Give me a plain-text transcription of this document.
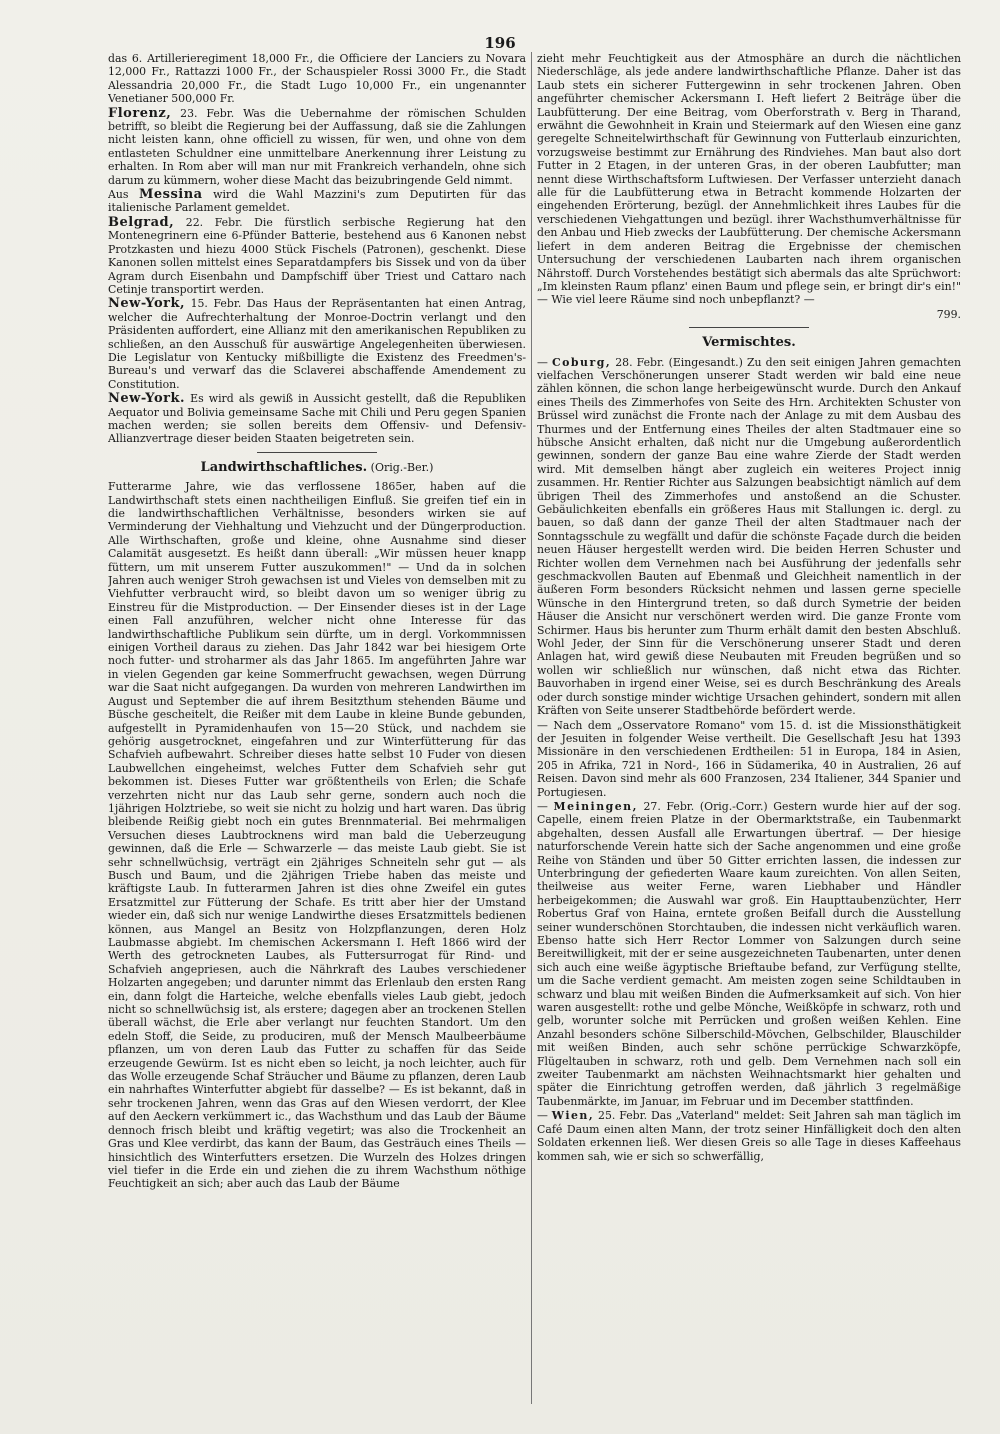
196

das 6. Artillerieregiment 18,000 Fr., die Officiere der Lanciers zu Novara 12,000 Fr., Rattazzi 1000 Fr., der Schauspieler Rossi 3000 Fr., die Stadt Alessandria 20,000 Fr., die Stadt Lugo 10,000 Fr., ein ungenannter Venetianer 500,000 Fr.

Florenz, 23. Febr. Was die Uebernahme der römischen Schulden betrifft, so bleibt die Regierung bei der Auffassung, daß sie die Zahlungen nicht leisten kann, ohne officiell zu wissen, für wen, und ohne von dem entlasteten Schuldner eine unmittelbare Anerkennung ihrer Leistung zu erhalten. In Rom aber will man nur mit Frankreich verhandeln, ohne sich darum zu kümmern, woher diese Macht das beizubringende Geld nimmt.

Aus Messina wird die Wahl Mazzini's zum Deputirten für das italienische Parlament gemeldet.

Belgrad, 22. Febr. Die fürstlich serbische Regierung hat den Montenegrinern eine 6-Pfünder Batterie, bestehend aus 6 Kanonen nebst Protzkasten und hiezu 4000 Stück Fischels (Patronen), geschenkt. Diese Kanonen sollen mittelst eines Separatdampfers bis Sissek und von da über Agram durch Eisenbahn und Dampfschiff über Triest und Cattaro nach Cetinje transportirt werden.

New-York, 15. Febr. Das Haus der Repräsentanten hat einen Antrag, welcher die Aufrechterhaltung der Monroe-Doctrin verlangt und den Präsidenten auffordert, eine Allianz mit den amerikanischen Republiken zu schließen, an den Ausschuß für auswärtige Angelegenheiten überwiesen. Die Legislatur von Kentucky mißbilligte die Existenz des Freedmen's-Bureau's und verwarf das die Sclaverei abschaffende Amendement zu Constitution.

New-York. Es wird als gewiß in Aussicht gestellt, daß die Republiken Aequator und Bolivia gemeinsame Sache mit Chili und Peru gegen Spanien machen werden; sie sollen bereits dem Offensiv- und Defensiv-Allianzvertrage dieser beiden Staaten beigetreten sein.

Landwirthschaftliches. (Orig.-Ber.)

Futterarme Jahre, wie das verflossene 1865er, haben auf die Landwirthschaft stets einen nachtheiligen Einfluß. Sie greifen tief ein in die landwirthschaftlichen Verhältnisse, besonders wirken sie auf Verminderung der Viehhaltung und Viehzucht und der Düngerproduction. Alle Wirthschaften, große und kleine, ohne Ausnahme sind dieser Calamität ausgesetzt. Es heißt dann überall: „Wir müssen heuer knapp füttern, um mit unserem Futter auszukommen!" — Und da in solchen Jahren auch weniger Stroh gewachsen ist und Vieles von demselben mit zu Viehfutter verbraucht wird, so bleibt davon um so weniger übrig zu Einstreu für die Mistproduction. — Der Einsender dieses ist in der Lage einen Fall anzuführen, welcher nicht ohne Interesse für das landwirthschaftliche Publikum sein dürfte, um in dergl. Vorkommnissen einigen Vortheil daraus zu ziehen. Das Jahr 1842 war bei hiesigem Orte noch futter- und stroharmer als das Jahr 1865. Im angeführten Jahre war in vielen Gegenden gar keine Sommerfrucht gewachsen, wegen Dürrung war die Saat nicht aufgegangen. Da wurden von mehreren Landwirthen im August und September die auf ihrem Besitzthum stehenden Bäume und Büsche gescheitelt, die Reißer mit dem Laube in kleine Bunde gebunden, aufgestellt in Pyramidenhaufen von 15—20 Stück, und nachdem sie gehörig ausgetrocknet, eingefahren und zur Winterfütterung für das Schafvieh aufbewahrt. Schreiber dieses hatte selbst 10 Fuder von diesen Laubwellchen eingeheimst, welches Futter dem Schafvieh sehr gut bekommen ist. Dieses Futter war größtentheils von Erlen; die Schafe verzehrten nicht nur das Laub sehr gerne, sondern auch noch die 1jährigen Holztriebe, so weit sie nicht zu holzig und hart waren. Das übrig bleibende Reißig giebt noch ein gutes Brennmaterial. Bei mehrmaligen Versuchen dieses Laubtrocknens wird man bald die Ueberzeugung gewinnen, daß die Erle — Schwarzerle — das meiste Laub giebt. Sie ist sehr schnellwüchsig, verträgt ein 2jähriges Schneiteln sehr gut — als Busch und Baum, und die 2jährigen Triebe haben das meiste und kräftigste Laub. In futterarmen Jahren ist dies ohne Zweifel ein gutes Ersatzmittel zur Fütterung der Schafe. Es tritt aber hier der Umstand wieder ein, daß sich nur wenige Landwirthe dieses Ersatzmittels bedienen können, aus Mangel an Besitz von Holzpflanzungen, deren Holz Laubmasse abgiebt. Im chemischen Ackersmann I. Heft 1866 wird der Werth des getrockneten Laubes, als Futtersurrogat für Rind- und Schafvieh angepriesen, auch die Nährkraft des Laubes verschiedener Holzarten angegeben; und darunter nimmt das Erlenlaub den ersten Rang ein, dann folgt die Harteiche, welche ebenfalls vieles Laub giebt, jedoch nicht so schnellwüchsig ist, als erstere; dagegen aber an trockenen Stellen überall wächst, die Erle aber verlangt nur feuchten Standort. Um den edeln Stoff, die Seide, zu produciren, muß der Mensch Maulbeerbäume pflanzen, um von deren Laub das Futter zu schaffen für das Seide erzeugende Gewürm. Ist es nicht eben so leicht, ja noch leichter, auch für das Wolle erzeugende Schaf Sträucher und Bäume zu pflanzen, deren Laub ein nahrhaftes Winterfutter abgiebt für dasselbe? — Es ist bekannt, daß in sehr trockenen Jahren, wenn das Gras auf den Wiesen verdorrt, der Klee auf den Aeckern verkümmert ic., das Wachsthum und das Laub der Bäume dennoch frisch bleibt und kräftig vegetirt; was also die Trockenheit an Gras und Klee verdirbt, das kann der Baum, das Gesträuch eines Theils — hinsichtlich des Winterfutters ersetzen. Die Wurzeln des Holzes dringen viel tiefer in die Erde ein und ziehen die zu ihrem Wachsthum nöthige Feuchtigkeit an sich; aber auch das Laub der Bäume

zieht mehr Feuchtigkeit aus der Atmosphäre an durch die nächtlichen Niederschläge, als jede andere landwirthschaftliche Pflanze. Daher ist das Laub stets ein sicherer Futtergewinn in sehr trockenen Jahren. Oben angeführter chemischer Ackersmann I. Heft liefert 2 Beiträge über die Laubfütterung. Der eine Beitrag, vom Oberforstrath v. Berg in Tharand, erwähnt die Gewohnheit in Krain und Steiermark auf den Wiesen eine ganz geregelte Schneitelwirthschaft für Gewinnung von Futterlaub einzurichten, vorzugsweise bestimmt zur Ernährung des Rindviehes. Man baut also dort Futter in 2 Etagen, in der unteren Gras, in der oberen Laubfutter; man nennt diese Wirthschaftsform Luftwiesen. Der Verfasser unterzieht danach alle für die Laubfütterung etwa in Betracht kommende Holzarten der eingehenden Erörterung, bezügl. der Annehmlichkeit ihres Laubes für die verschiedenen Viehgattungen und bezügl. ihrer Wachsthumverhältnisse für den Anbau und Hieb zwecks der Laubfütterung. Der chemische Ackersmann liefert in dem anderen Beitrag die Ergebnisse der chemischen Untersuchung der verschiedenen Laubarten nach ihrem organischen Nährstoff. Durch Vorstehendes bestätigt sich abermals das alte Sprüchwort: „Im kleinsten Raum pflanz' einen Baum und pflege sein, er bringt dir's ein!" — Wie viel leere Räume sind noch unbepflanzt? —

799.

Vermischtes.

— Coburg, 28. Febr. (Eingesandt.) Zu den seit einigen Jahren gemachten vielfachen Verschönerungen unserer Stadt werden wir bald eine neue zählen können, die schon lange herbeigewünscht wurde. Durch den Ankauf eines Theils des Zimmerhofes von Seite des Hrn. Architekten Schuster von Brüssel wird zunächst die Fronte nach der Anlage zu mit dem Ausbau des Thurmes und der Entfernung eines Theiles der alten Stadtmauer eine so hübsche Ansicht erhalten, daß nicht nur die Umgebung außerordentlich gewinnen, sondern der ganze Bau eine wahre Zierde der Stadt werden wird. Mit demselben hängt aber zugleich ein weiteres Project innig zusammen. Hr. Rentier Richter aus Salzungen beabsichtigt nämlich auf dem übrigen Theil des Zimmerhofes und anstoßend an die Schuster. Gebäulichkeiten ebenfalls ein größeres Haus mit Stallungen ic. dergl. zu bauen, so daß dann der ganze Theil der alten Stadtmauer nach der Sonntagsschule zu wegfällt und dafür die schönste Façade durch die beiden neuen Häuser hergestellt werden wird. Die beiden Herren Schuster und Richter wollen dem Vernehmen nach bei Ausführung der jedenfalls sehr geschmackvollen Bauten auf Ebenmaß und Gleichheit namentlich in der äußeren Form besonders Rücksicht nehmen und lassen gerne specielle Wünsche in den Hintergrund treten, so daß durch Symetrie der beiden Häuser die Ansicht nur verschönert werden wird. Die ganze Fronte vom Schirmer. Haus bis herunter zum Thurm erhält damit den besten Abschluß. Wohl Jeder, der Sinn für die Verschönerung unserer Stadt und deren Anlagen hat, wird gewiß diese Neubauten mit Freuden begrüßen und so wollen wir schließlich nur wünschen, daß nicht etwa das Richter. Bauvorhaben in irgend einer Weise, sei es durch Beschränkung des Areals oder durch sonstige minder wichtige Ursachen gehindert, sondern mit allen Kräften von Seite unserer Stadtbehörde befördert werde.

— Nach dem „Osservatore Romano" vom 15. d. ist die Missionsthätigkeit der Jesuiten in folgender Weise vertheilt. Die Gesellschaft Jesu hat 1393 Missionäre in den verschiedenen Erdtheilen: 51 in Europa, 184 in Asien, 205 in Afrika, 721 in Nord-, 166 in Südamerika, 40 in Australien, 26 auf Reisen. Davon sind mehr als 600 Franzosen, 234 Italiener, 344 Spanier und Portugiesen.

— Meiningen, 27. Febr. (Orig.-Corr.) Gestern wurde hier auf der sog. Capelle, einem freien Platze in der Obermarktstraße, ein Taubenmarkt abgehalten, dessen Ausfall alle Erwartungen übertraf. — Der hiesige naturforschende Verein hatte sich der Sache angenommen und eine große Reihe von Ständen und über 50 Gitter errichten lassen, die indessen zur Unterbringung der gefiederten Waare kaum zureichten. Von allen Seiten, theilweise aus weiter Ferne, waren Liebhaber und Händler herbeigekommen; die Auswahl war groß. Ein Haupttaubenzüchter, Herr Robertus Graf von Haina, erntete großen Beifall durch die Ausstellung seiner wunderschönen Storchtauben, die indessen nicht verkäuflich waren. Ebenso hatte sich Herr Rector Lommer von Salzungen durch seine Bereitwilligkeit, mit der er seine ausgezeichneten Taubenarten, unter denen sich auch eine weiße ägyptische Brieftaube befand, zur Verfügung stellte, um die Sache verdient gemacht. Am meisten zogen seine Schildtauben in schwarz und blau mit weißen Binden die Aufmerksamkeit auf sich. Von hier waren ausgestellt: rothe und gelbe Mönche, Weißköpfe in schwarz, roth und gelb, worunter solche mit Perrücken und großen weißen Kehlen. Eine Anzahl besonders schöne Silberschild-Mövchen, Gelbschilder, Blauschilder mit weißen Binden, auch sehr schöne perrückige Schwarzköpfe, Flügeltauben in schwarz, roth und gelb. Dem Vernehmen nach soll ein zweiter Taubenmarkt am nächsten Weihnachtsmarkt hier gehalten und später die Einrichtung getroffen werden, daß jährlich 3 regelmäßige Taubenmärkte, im Januar, im Februar und im December stattfinden.

— Wien, 25. Febr. Das „Vaterland" meldet: Seit Jahren sah man täglich im Café Daum einen alten Mann, der trotz seiner Hinfälligkeit doch den alten Soldaten erkennen ließ. Wer diesen Greis so alle Tage in dieses Kaffeehaus kommen sah, wie er sich so schwerfällig,
